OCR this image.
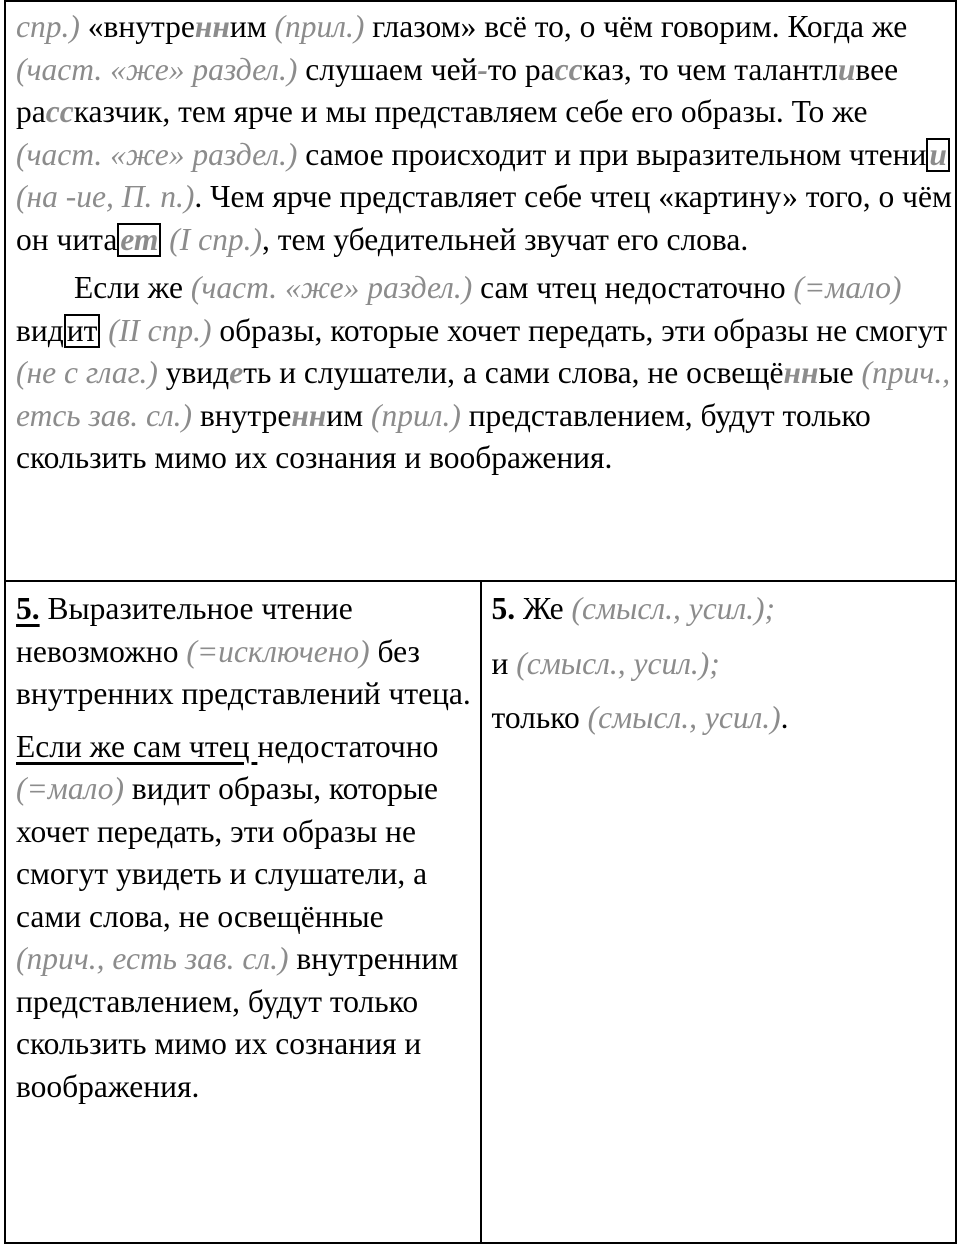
спр.) «внутренним (прил.) глазом» всё то, о чём говорим. Когда же (част. «же» раздел.) слушаем чей-то рассказ, то чем талантливее рассказчик, тем ярче и мы представляем себе его образы. То же (част. «же» раздел.) самое происходит и при выразительном чтении (на -ие, П. п.). Чем ярче представляет себе чтец «картину» того, о чём он читает (I спр.), тем убедительней звучат его слова.
Если же (част. «же» раздел.) сам чтец недостаточно (=мало) видит (II спр.) образы, которые хочет передать, эти образы не смогут (не с глаг.) увидеть и слушатели, а сами слова, не освещённые (прич., етсь зав. сл.) внутренним (прил.) представлением, будут только скользить мимо их сознания и воображения.

5. Выразительное чтение невозможно (=исключено) без внутренних представлений чтеца.

Если же сам чтец недостаточно (=мало) видит образы, которые хочет передать, эти образы не смогут увидеть и слушатели, а сами слова, не освещённые (прич., есть зав. сл.) внутренним представлением, будут только скользить мимо их сознания и воображения.

5. Же (смысл., усил.);

и (смысл., усил.);

только (смысл., усил.).
